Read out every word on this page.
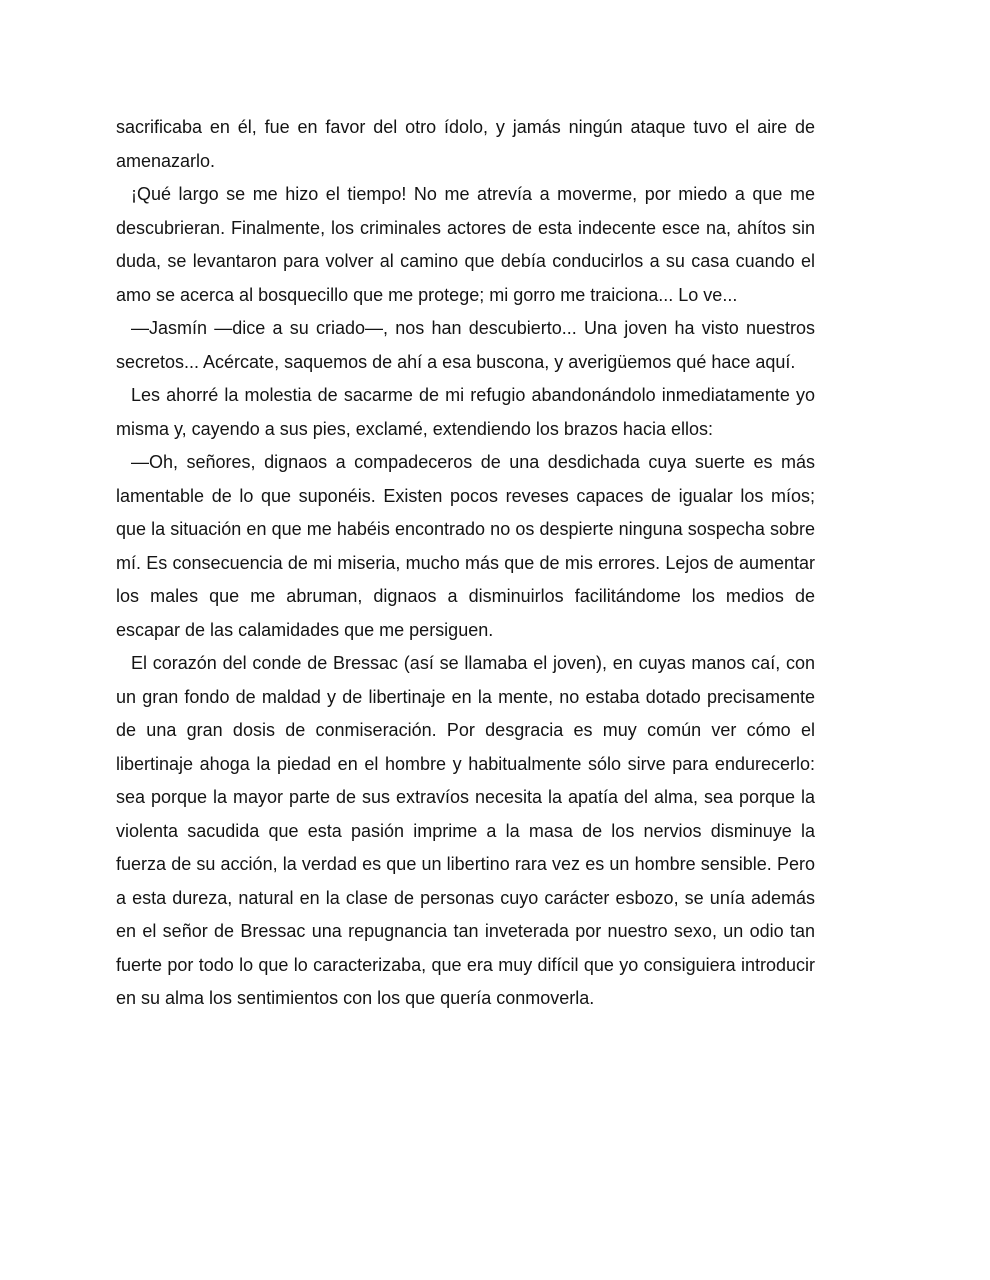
sacrificaba en él, fue en favor del otro ídolo, y jamás ningún ataque tuvo el aire de amenazarlo.

¡Qué largo se me hizo el tiempo! No me atrevía a moverme, por miedo a que me descubrieran. Finalmente, los criminales actores de esta indecente esce na, ahítos sin duda, se levantaron para volver al camino que debía conducirlos a su casa cuando el amo se acerca al bosquecillo que me protege; mi gorro me traiciona... Lo ve...

—Jasmín —dice a su criado—, nos han descubierto... Una joven ha visto nuestros secretos... Acércate, saquemos de ahí a esa buscona, y averigüemos qué hace aquí.

Les ahorré la molestia de sacarme de mi refugio abandonándolo inmediatamente yo misma y, cayendo a sus pies, exclamé, extendiendo los brazos hacia ellos:

—Oh, señores, dignaos a compadeceros de una desdichada cuya suerte es más lamentable de lo que suponéis. Existen pocos reveses capaces de igualar los míos; que la situación en que me habéis encontrado no os despierte ninguna sospecha sobre mí. Es consecuencia de mi miseria, mucho más que de mis errores. Lejos de aumentar los males que me abruman, dignaos a disminuirlos facilitándome los medios de escapar de las calamidades que me persiguen.

El corazón del conde de Bressac (así se llamaba el joven), en cuyas manos caí, con un gran fondo de maldad y de libertinaje en la mente, no estaba dotado precisamente de una gran dosis de conmiseración. Por desgracia es muy común ver cómo el libertinaje ahoga la piedad en el hombre y habitualmente sólo sirve para endurecerlo: sea porque la mayor parte de sus extravíos necesita la apatía del alma, sea porque la violenta sacudida que esta pasión imprime a la masa de los nervios disminuye la fuerza de su acción, la verdad es que un libertino rara vez es un hombre sensible. Pero a esta dureza, natural en la clase de personas cuyo carácter esbozo, se unía además en el señor de Bressac una repugnancia tan inveterada por nuestro sexo, un odio tan fuerte por todo lo que lo caracterizaba, que era muy difícil que yo consiguiera introducir en su alma los sentimientos con los que quería conmoverla.
